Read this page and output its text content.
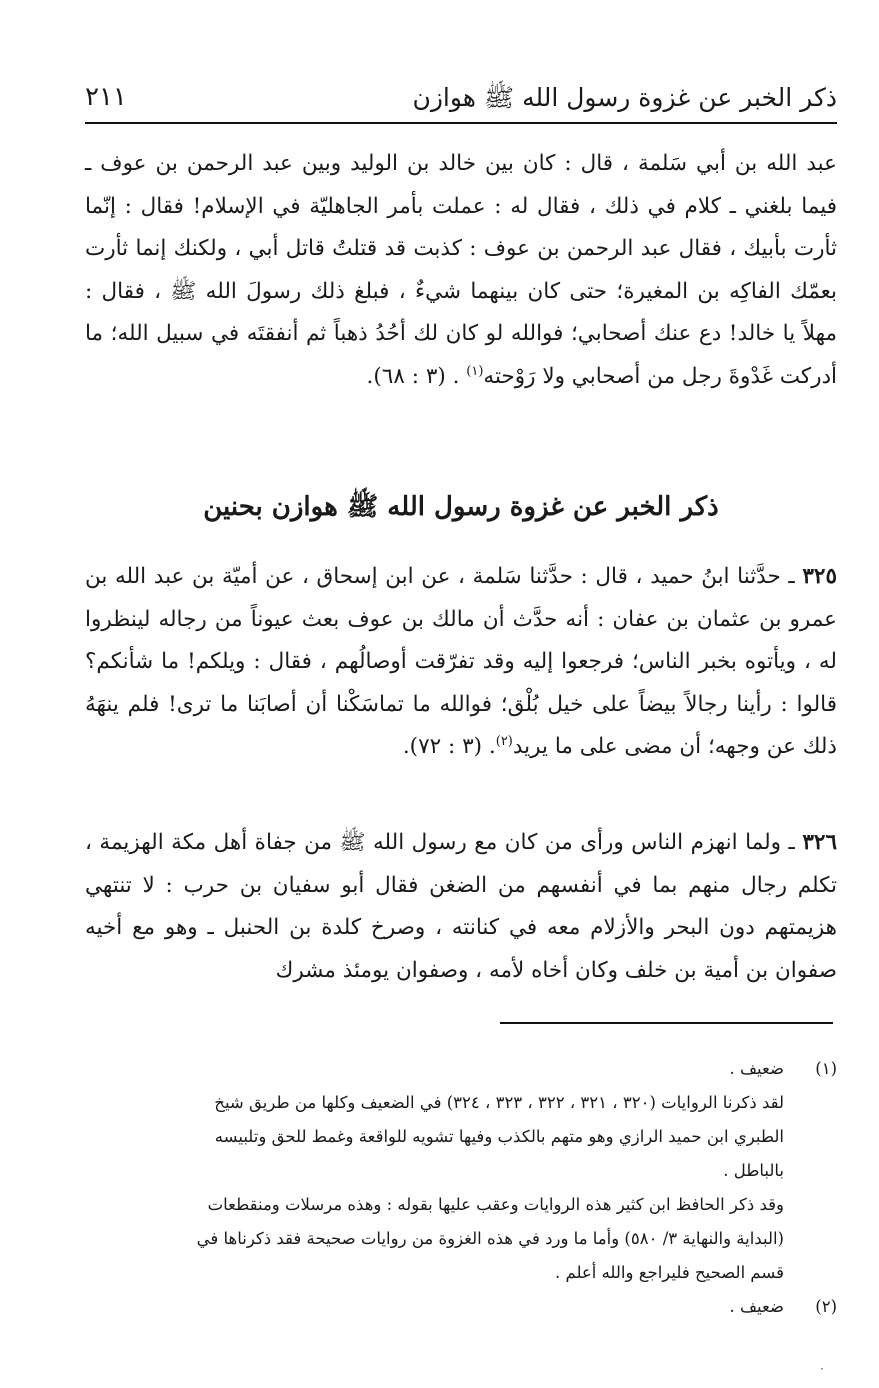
ذكر الخبر عن غزوة رسول الله ﷺ هوازن
٢١١
عبد الله بن أبي سَلمة ، قال : كان بين خالد بن الوليد وبين عبد الرحمن بن عوف ـ فيما بلغني ـ كلام في ذلك ، فقال له : عملت بأمر الجاهليّة في الإسلام! فقال : إنّما ثأرت بأبيك ، فقال عبد الرحمن بن عوف : كذبت قد قتلتُ قاتل أبي ، ولكنك إنما ثأرت بعمّك الفاكِه بن المغيرة؛ حتى كان بينهما شيءٌ ، فبلغ ذلك رسولَ الله ﷺ ، فقال : مهلاً يا خالد! دع عنك أصحابي؛ فوالله لو كان لك أحُدُ ذهباً ثم أنفقتَه في سبيل الله؛ ما أدركت غَدْوةَ رجل من أصحابي ولا رَوْحته$^{(١)}$ . (٣ : ٦٨).
ذكر الخبر عن غزوة رسول الله ﷺ هوازن بحنين
٣٢٥ ـ حدَّثنا ابنُ حميد ، قال : حدَّثنا سَلمة ، عن ابن إسحاق ، عن أميّة بن عبد الله بن عمرو بن عثمان بن عفان : أنه حدَّث أن مالك بن عوف بعث عيوناً من رجاله لينظروا له ، ويأتوه بخبر الناس؛ فرجعوا إليه وقد تفرّقت أوصالُهم ، فقال : ويلكم! ما شأنكم؟ قالوا : رأينا رجالاً بيضاً على خيل بُلْق؛ فوالله ما تماسَكْنا أن أصابَنا ما ترى! فلم ينهَهُ ذلك عن وجهه؛ أن مضى على ما يريد$^{(٢)}$. (٣ : ٧٢).
٣٢٦ ـ ولما انهزم الناس ورأى من كان مع رسول الله ﷺ من جفاة أهل مكة الهزيمة ، تكلم رجال منهم بما في أنفسهم من الضغن فقال أبو سفيان بن حرب : لا تنتهي هزيمتهم دون البحر والأزلام معه في كنانته ، وصرخ كلدة بن الحنبل ـ وهو مع أخيه صفوان بن أمية بن خلف وكان أخاه لأمه ، وصفوان يومئذ مشرك
(١)
ضعيف .
لقد ذكرنا الروايات (٣٢٠ ، ٣٢١ ، ٣٢٢ ، ٣٢٣ ، ٣٢٤) في الضعيف وكلها من طريق شيخ
الطبري ابن حميد الرازي وهو متهم بالكذب وفيها تشويه للواقعة وغمط للحق وتلبيسه
بالباطل .
وقد ذكر الحافظ ابن كثير هذه الروايات وعقب عليها بقوله : وهذه مرسلات ومنقطعات
(البداية والنهاية ٣/ ٥٨٠) وأما ما ورد في هذه الغزوة من روايات صحيحة فقد ذكرناها في
قسم الصحيح فليراجع والله أعلم .
(٢)
ضعيف .
·
